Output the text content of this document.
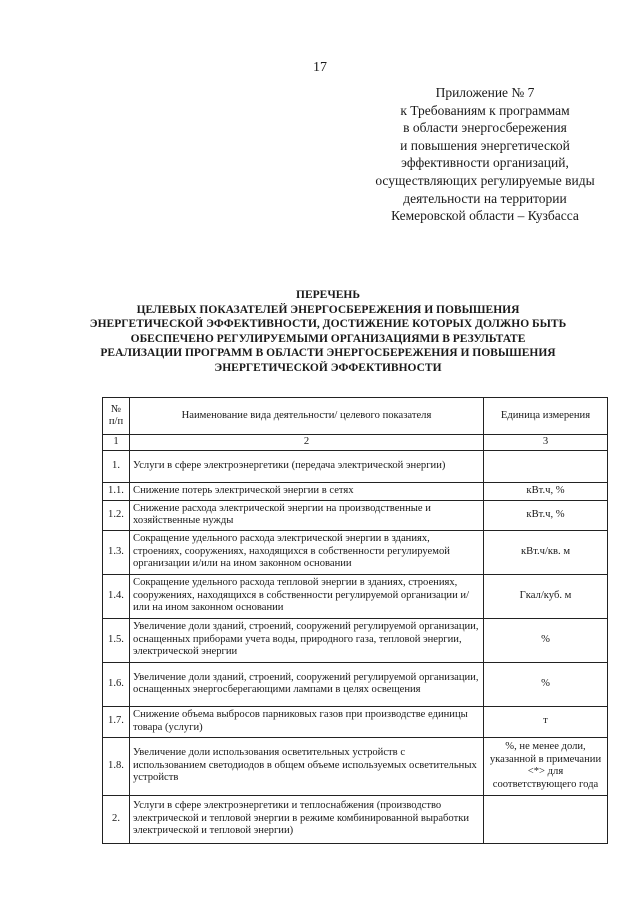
17
Приложение № 7
к Требованиям к программам
в области энергосбережения
и повышения энергетической
эффективности организаций,
осуществляющих регулируемые виды
деятельности на территории
Кемеровской области – Кузбасса
ПЕРЕЧЕНЬ
ЦЕЛЕВЫХ ПОКАЗАТЕЛЕЙ ЭНЕРГОСБЕРЕЖЕНИЯ И ПОВЫШЕНИЯ
ЭНЕРГЕТИЧЕСКОЙ ЭФФЕКТИВНОСТИ, ДОСТИЖЕНИЕ КОТОРЫХ ДОЛЖНО БЫТЬ
ОБЕСПЕЧЕНО РЕГУЛИРУЕМЫМИ ОРГАНИЗАЦИЯМИ В РЕЗУЛЬТАТЕ
РЕАЛИЗАЦИИ ПРОГРАММ В ОБЛАСТИ ЭНЕРГОСБЕРЕЖЕНИЯ И ПОВЫШЕНИЯ
ЭНЕРГЕТИЧЕСКОЙ ЭФФЕКТИВНОСТИ
№ п/п	Наименование вида деятельности/ целевого показателя	Единица измерения
1	2	3
1.	Услуги в сфере электроэнергетики (передача электрической энергии)	
1.1.	Снижение потерь электрической энергии в сетях	кВт.ч, %
1.2.	Снижение расхода электрической энергии на производственные и хозяйственные нужды	кВт.ч, %
1.3.	Сокращение удельного расхода электрической энергии в зданиях, строениях, сооружениях, находящихся в собственности регулируемой организации и/или на ином законном основании	кВт.ч/кв. м
1.4.	Сокращение удельного расхода тепловой энергии в зданиях, строениях, сооружениях, находящихся в собственности регулируемой организации и/или на ином законном основании	Гкал/куб. м
1.5.	Увеличение доли зданий, строений, сооружений регулируемой организации, оснащенных приборами учета воды, природного газа, тепловой энергии, электрической энергии	%
1.6.	Увеличение доли зданий, строений, сооружений регулируемой организации, оснащенных энергосберегающими лампами в целях освещения	%
1.7.	Снижение объема выбросов парниковых газов при производстве единицы товара (услуги)	т
1.8.	Увеличение доли использования осветительных устройств с использованием светодиодов в общем объеме используемых осветительных устройств	%, не менее доли, указанной в примечании <*> для соответствующего года
2.	Услуги в сфере электроэнергетики и теплоснабжения (производство электрической и тепловой энергии в режиме комбинированной выработки электрической и тепловой энергии)	
